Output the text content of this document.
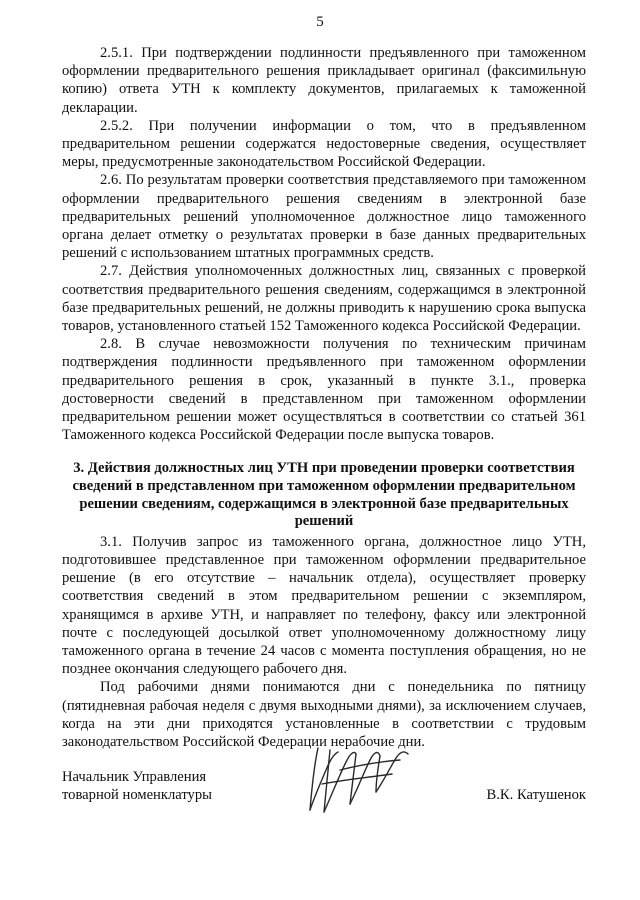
5

2.5.1. При подтверждении подлинности предъявленного при таможенном оформлении предварительного решения прикладывает оригинал (факсимильную копию) ответа УТН к комплекту документов, прилагаемых к таможенной декларации.

2.5.2. При получении информации о том, что в предъявленном предварительном решении содержатся недостоверные сведения, осуществляет меры, предусмотренные законодательством Российской Федерации.

2.6. По результатам проверки соответствия представляемого при таможенном оформлении предварительного решения сведениям в электронной базе предварительных решений уполномоченное должностное лицо таможенного органа делает отметку о результатах проверки в базе данных предварительных решений с использованием штатных программных средств.

2.7. Действия уполномоченных должностных лиц, связанных с проверкой соответствия предварительного решения сведениям, содержащимся в электронной базе предварительных решений, не должны приводить к нарушению срока выпуска товаров, установленного статьей 152 Таможенного кодекса Российской Федерации.

2.8. В случае невозможности получения по техническим причинам подтверждения подлинности предъявленного при таможенном оформлении предварительного решения в срок, указанный в пункте 3.1., проверка достоверности сведений в представленном при таможенном оформлении предварительном решении может осуществляться в соответствии со статьей 361 Таможенного кодекса Российской Федерации после выпуска товаров.

3. Действия должностных лиц УТН при проведении проверки соответствия сведений в представленном при таможенном оформлении предварительном решении сведениям, содержащимся в электронной базе предварительных решений

3.1. Получив запрос из таможенного органа, должностное лицо УТН, подготовившее представленное при таможенном оформлении предварительное решение (в его отсутствие – начальник отдела), осуществляет проверку соответствия сведений в этом предварительном решении с экземпляром, хранящимся в архиве УТН, и направляет по телефону, факсу или электронной почте с последующей досылкой ответ уполномоченному должностному лицу таможенного органа в течение 24 часов с момента поступления обращения, но не позднее окончания следующего рабочего дня.

Под рабочими днями понимаются дни с понедельника по пятницу (пятидневная рабочая неделя с двумя выходными днями), за исключением случаев, когда на эти дни приходятся установленные в соответствии с трудовым законодательством Российской Федерации нерабочие дни.

Начальник Управления
товарной номенклатуры	В.К. Катушенок
